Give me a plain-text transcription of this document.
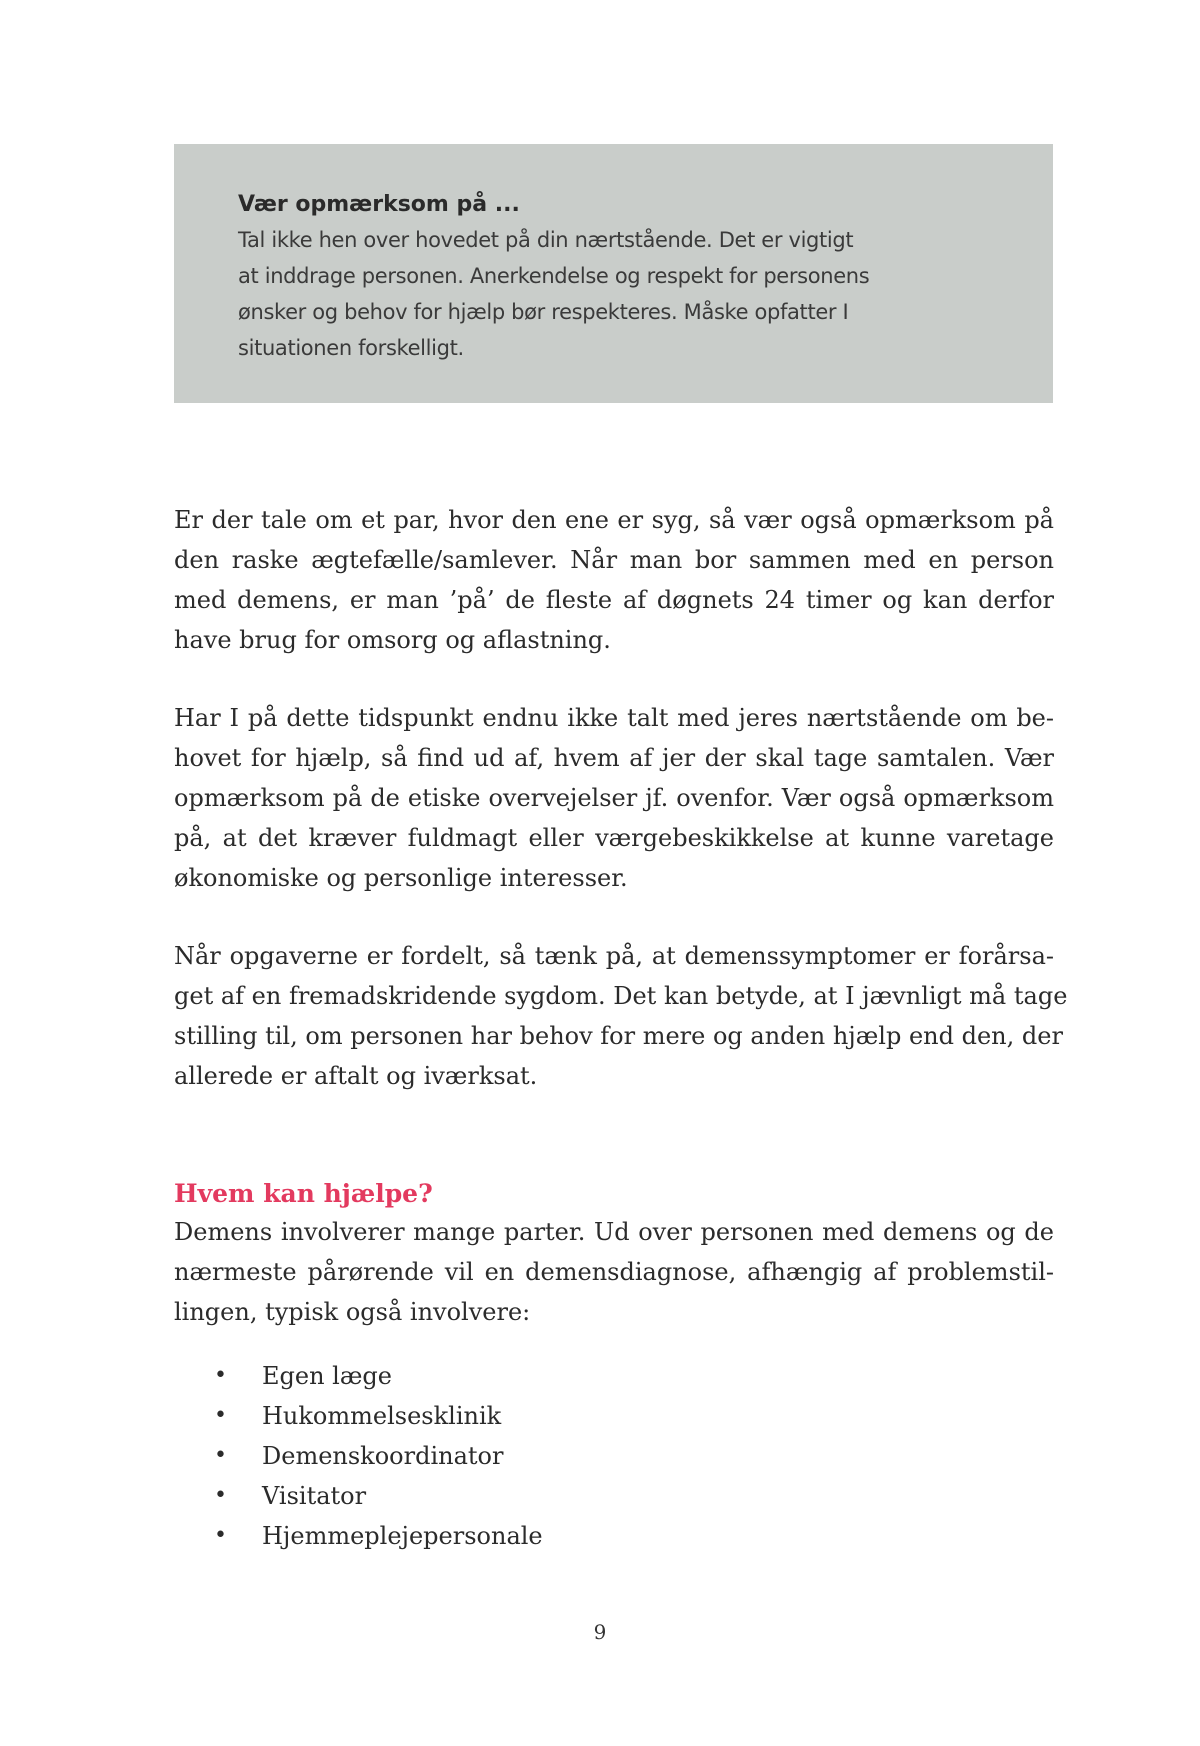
Vær opmærksom på ...
Tal ikke hen over hovedet på din nærtstående. Det er vigtigt
at inddrage personen. Anerkendelse og respekt for personens
ønsker og behov for hjælp bør respekteres. Måske opfatter I
situationen forskelligt.
Er der tale om et par, hvor den ene er syg, så vær også opmærksom på
den raske ægtefælle/samlever. Når man bor sammen med en person
med demens, er man ’på’ de fleste af døgnets 24 timer og kan derfor
have brug for omsorg og aflastning.
Har I på dette tidspunkt endnu ikke talt med jeres nærtstående om be-
hovet for hjælp, så find ud af, hvem af jer der skal tage samtalen. Vær
opmærksom på de etiske overvejelser jf. ovenfor. Vær også opmærksom
på, at det kræver fuldmagt eller værgebeskikkelse at kunne varetage
økonomiske og personlige interesser.
Når opgaverne er fordelt, så tænk på, at demenssymptomer er forårsa-
get af en fremadskridende sygdom. Det kan betyde, at I jævnligt må tage
stilling til, om personen har behov for mere og anden hjælp end den, der
allerede er aftalt og iværksat.
Hvem kan hjælpe?
Demens involverer mange parter. Ud over personen med demens og de
nærmeste pårørende vil en demensdiagnose, afhængig af problemstil-
lingen, typisk også involvere:
• Egen læge
• Hukommelsesklinik
• Demenskoordinator
• Visitator
• Hjemmeplejepersonale
9
